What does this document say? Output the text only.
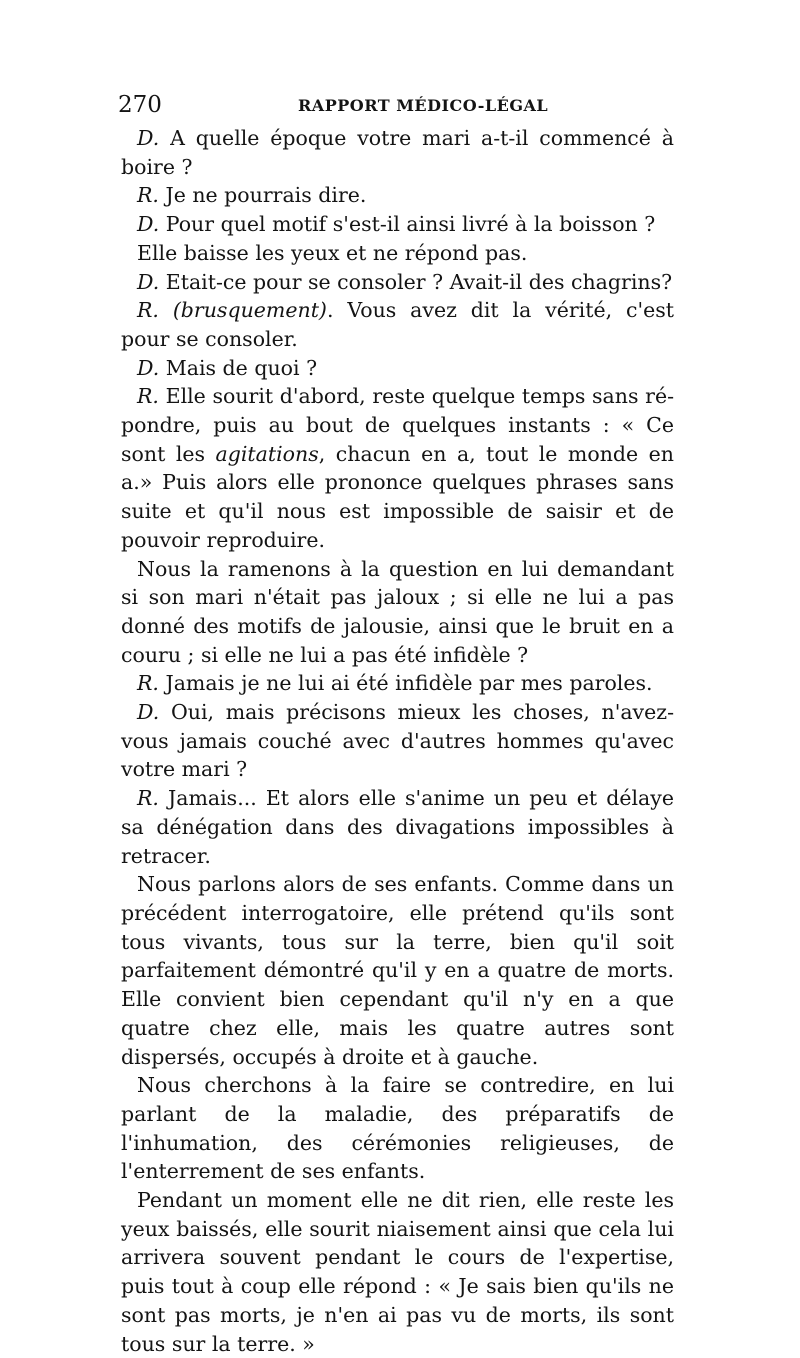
270	RAPPORT MÉDICO-LÉGAL

D. A quelle époque votre mari a-t-il commencé à boire ?

R. Je ne pourrais dire.

D. Pour quel motif s'est-il ainsi livré à la boisson ?

Elle baisse les yeux et ne répond pas.

D. Etait-ce pour se consoler ? Avait-il des chagrins?

R. (brusquement). Vous avez dit la vérité, c'est pour se consoler.

D. Mais de quoi ?

R. Elle sourit d'abord, reste quelque temps sans ré-pondre, puis au bout de quelques instants : « Ce sont les agitations, chacun en a, tout le monde en a.» Puis alors elle prononce quelques phrases sans suite et qu'il nous est impossible de saisir et de pouvoir reproduire.

Nous la ramenons à la question en lui demandant si son mari n'était pas jaloux ; si elle ne lui a pas donné des motifs de jalousie, ainsi que le bruit en a couru ; si elle ne lui a pas été infidèle ?

R. Jamais je ne lui ai été infidèle par mes paroles.

D. Oui, mais précisons mieux les choses, n'avez-vous jamais couché avec d'autres hommes qu'avec votre mari ?

R. Jamais... Et alors elle s'anime un peu et délaye sa dénégation dans des divagations impossibles à retracer.

Nous parlons alors de ses enfants. Comme dans un précédent interrogatoire, elle prétend qu'ils sont tous vivants, tous sur la terre, bien qu'il soit parfaitement démontré qu'il y en a quatre de morts. Elle convient bien cependant qu'il n'y en a que quatre chez elle, mais les quatre autres sont dispersés, occupés à droite et à gauche.

Nous cherchons à la faire se contredire, en lui parlant de la maladie, des préparatifs de l'inhumation, des cérémonies religieuses, de l'enterrement de ses enfants.

Pendant un moment elle ne dit rien, elle reste les yeux baissés, elle sourit niaisement ainsi que cela lui arrivera souvent pendant le cours de l'expertise, puis tout à coup elle répond : « Je sais bien qu'ils ne sont pas morts, je n'en ai pas vu de morts, ils sont tous sur la terre. »
